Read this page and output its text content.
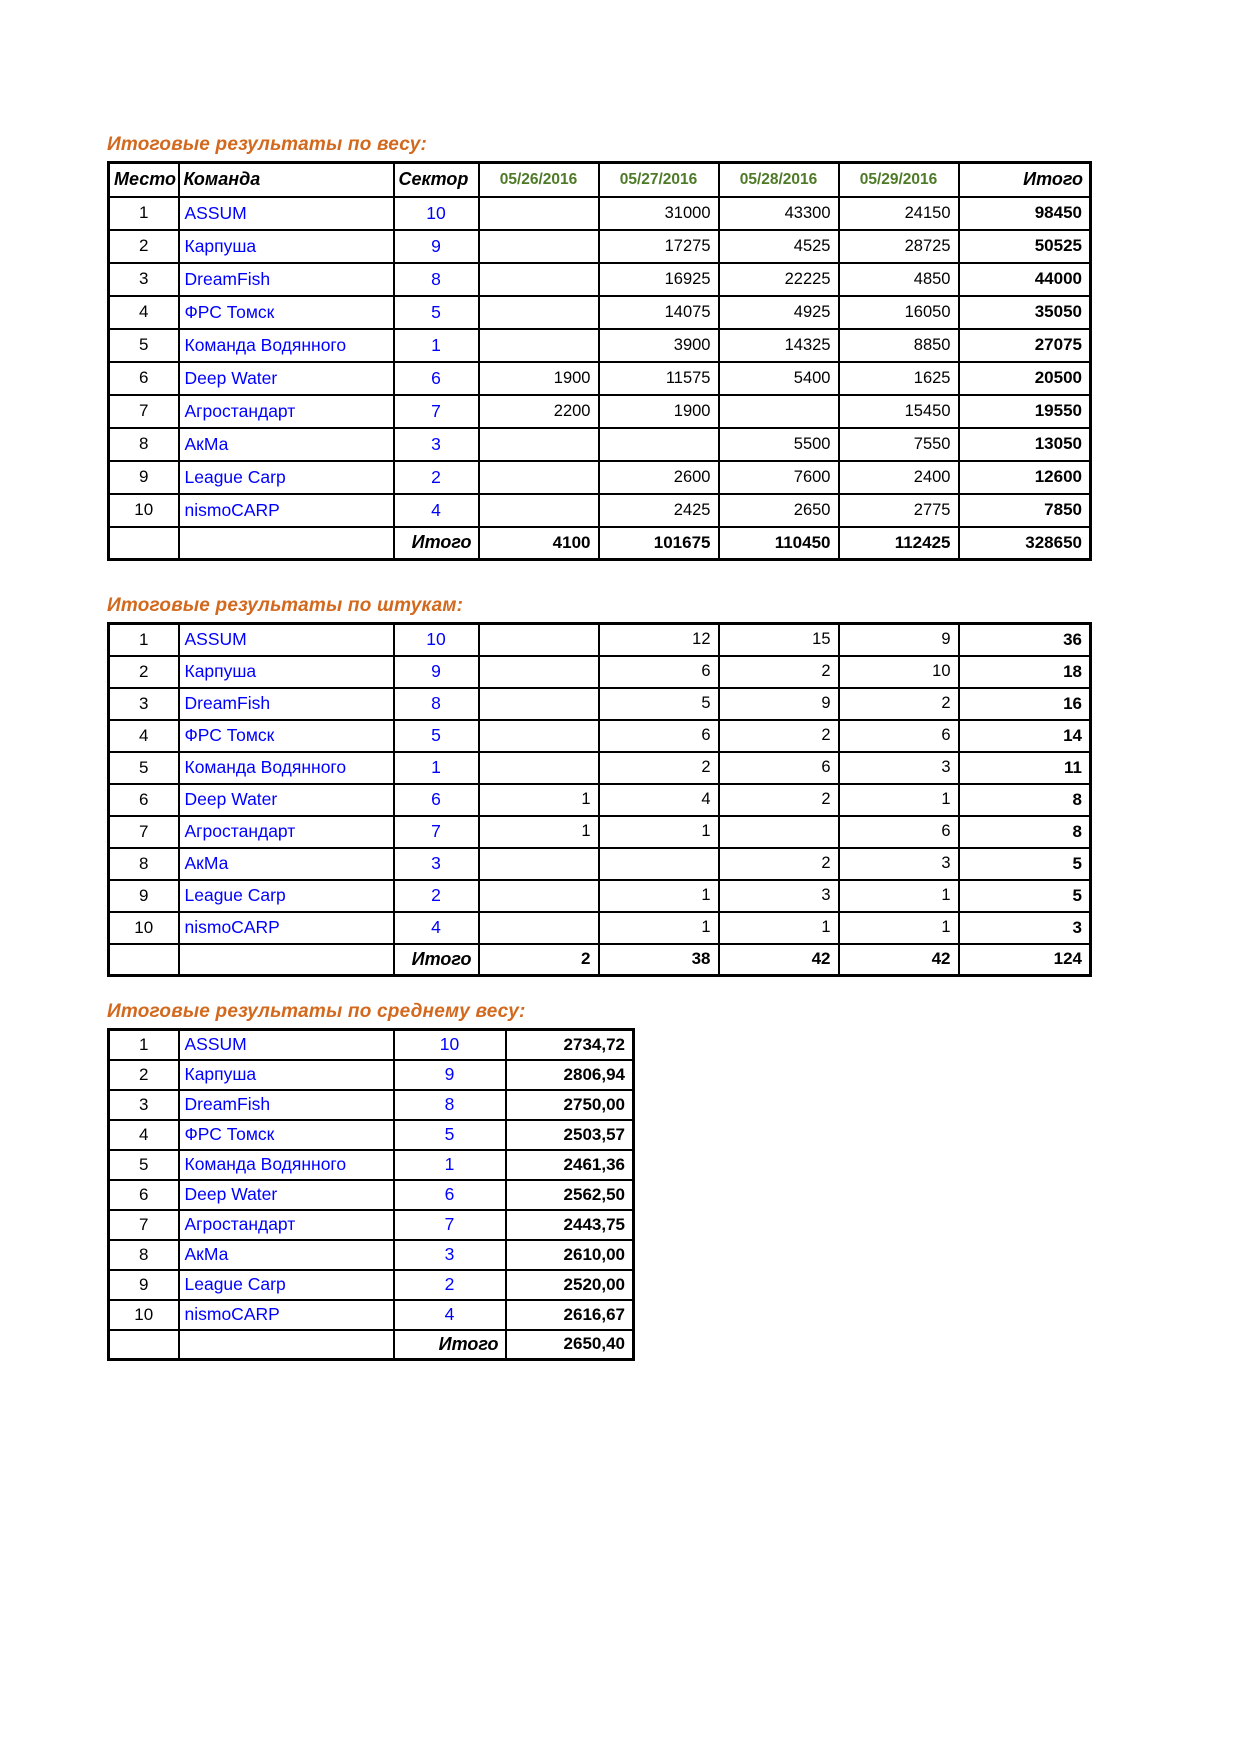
Итоговые результаты по весу:
Место	Команда	Сектор	05/26/2016	05/27/2016	05/28/2016	05/29/2016	Итого
1	ASSUM	10		31000	43300	24150	98450
2	Карпуша	9		17275	4525	28725	50525
3	DreamFish	8		16925	22225	4850	44000
4	ФРС Томск	5		14075	4925	16050	35050
5	Команда Водянного	1		3900	14325	8850	27075
6	Deep Water	6	1900	11575	5400	1625	20500
7	Агростандарт	7	2200	1900		15450	19550
8	АкМа	3			5500	7550	13050
9	League Carp	2		2600	7600	2400	12600
10	nismoCARP	4		2425	2650	2775	7850
		Итого	4100	101675	110450	112425	328650
Итоговые результаты по штукам:
1	ASSUM	10		12	15	9	36
2	Карпуша	9		6	2	10	18
3	DreamFish	8		5	9	2	16
4	ФРС Томск	5		6	2	6	14
5	Команда Водянного	1		2	6	3	11
6	Deep Water	6	1	4	2	1	8
7	Агростандарт	7	1	1		6	8
8	АкМа	3			2	3	5
9	League Carp	2		1	3	1	5
10	nismoCARP	4		1	1	1	3
		Итого	2	38	42	42	124
Итоговые результаты по среднему весу:
1	ASSUM	10	2734,72
2	Карпуша	9	2806,94
3	DreamFish	8	2750,00
4	ФРС Томск	5	2503,57
5	Команда Водянного	1	2461,36
6	Deep Water	6	2562,50
7	Агростандарт	7	2443,75
8	АкМа	3	2610,00
9	League Carp	2	2520,00
10	nismoCARP	4	2616,67
		Итого	2650,40
